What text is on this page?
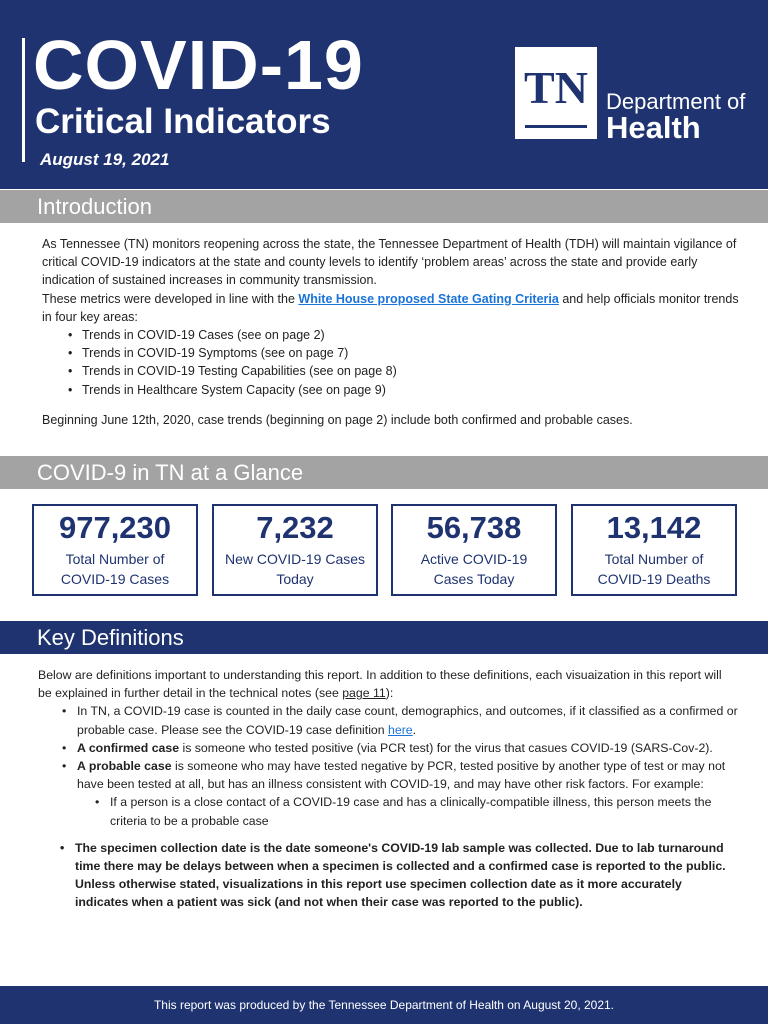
COVID-19
Critical Indicators
August 19, 2021
TN Department of
Health
Introduction

As Tennessee (TN) monitors reopening across the state, the Tennessee Department of Health (TDH) will maintain vigilance of critical COVID-19 indicators at the state and county levels to identify ‘problem areas’ across the state and provide early indication of sustained increases in community transmission.

These metrics were developed in line with the White House proposed State Gating Criteria and help officials monitor trends in four key areas:

• Trends in COVID-19 Cases (see on page 2)
• Trends in COVID-19 Symptoms (see on page 7)
• Trends in COVID-19 Testing Capabilities (see on page 8)
• Trends in Healthcare System Capacity (see on page 9)

Beginning June 12th, 2020, case trends (beginning on page 2) include both confirmed and probable cases.

COVID-9 in TN at a Glance
977,230
Total Number of COVID-19 Cases
7,232
New COVID-19 Cases Today
56,738
Active COVID-19 Cases Today
13,142
Total Number of COVID-19 Deaths
Key Definitions

Below are definitions important to understanding this report. In addition to these definitions, each visuaization in this report will be explained in further detail in the technical notes (see page 11):

• In TN, a COVID-19 case is counted in the daily case count, demographics, and outcomes, if it classified as a confirmed or probable case. Please see the COVID-19 case definition here.
• A confirmed case is someone who tested positive (via PCR test) for the virus that casues COVID-19 (SARS-Cov-2).
• A probable case is someone who may have tested negative by PCR, tested positive by another type of test or may not have been tested at all, but has an illness consistent with COVID-19, and may have other risk factors. For example:
• If a person is a close contact of a COVID-19 case and has a clinically-compatible illness, this person meets the criteria to be a probable case
• The specimen collection date is the date someone's COVID-19 lab sample was collected. Due to lab turnaround time there may be delays between when a specimen is collected and a confirmed case is reported to the public. Unless otherwise stated, visualizations in this report use specimen collection date as it more accurately indicates when a patient was sick (and not when their case was reported to the public).
This report was produced by the Tennessee Department of Health on August 20, 2021.
